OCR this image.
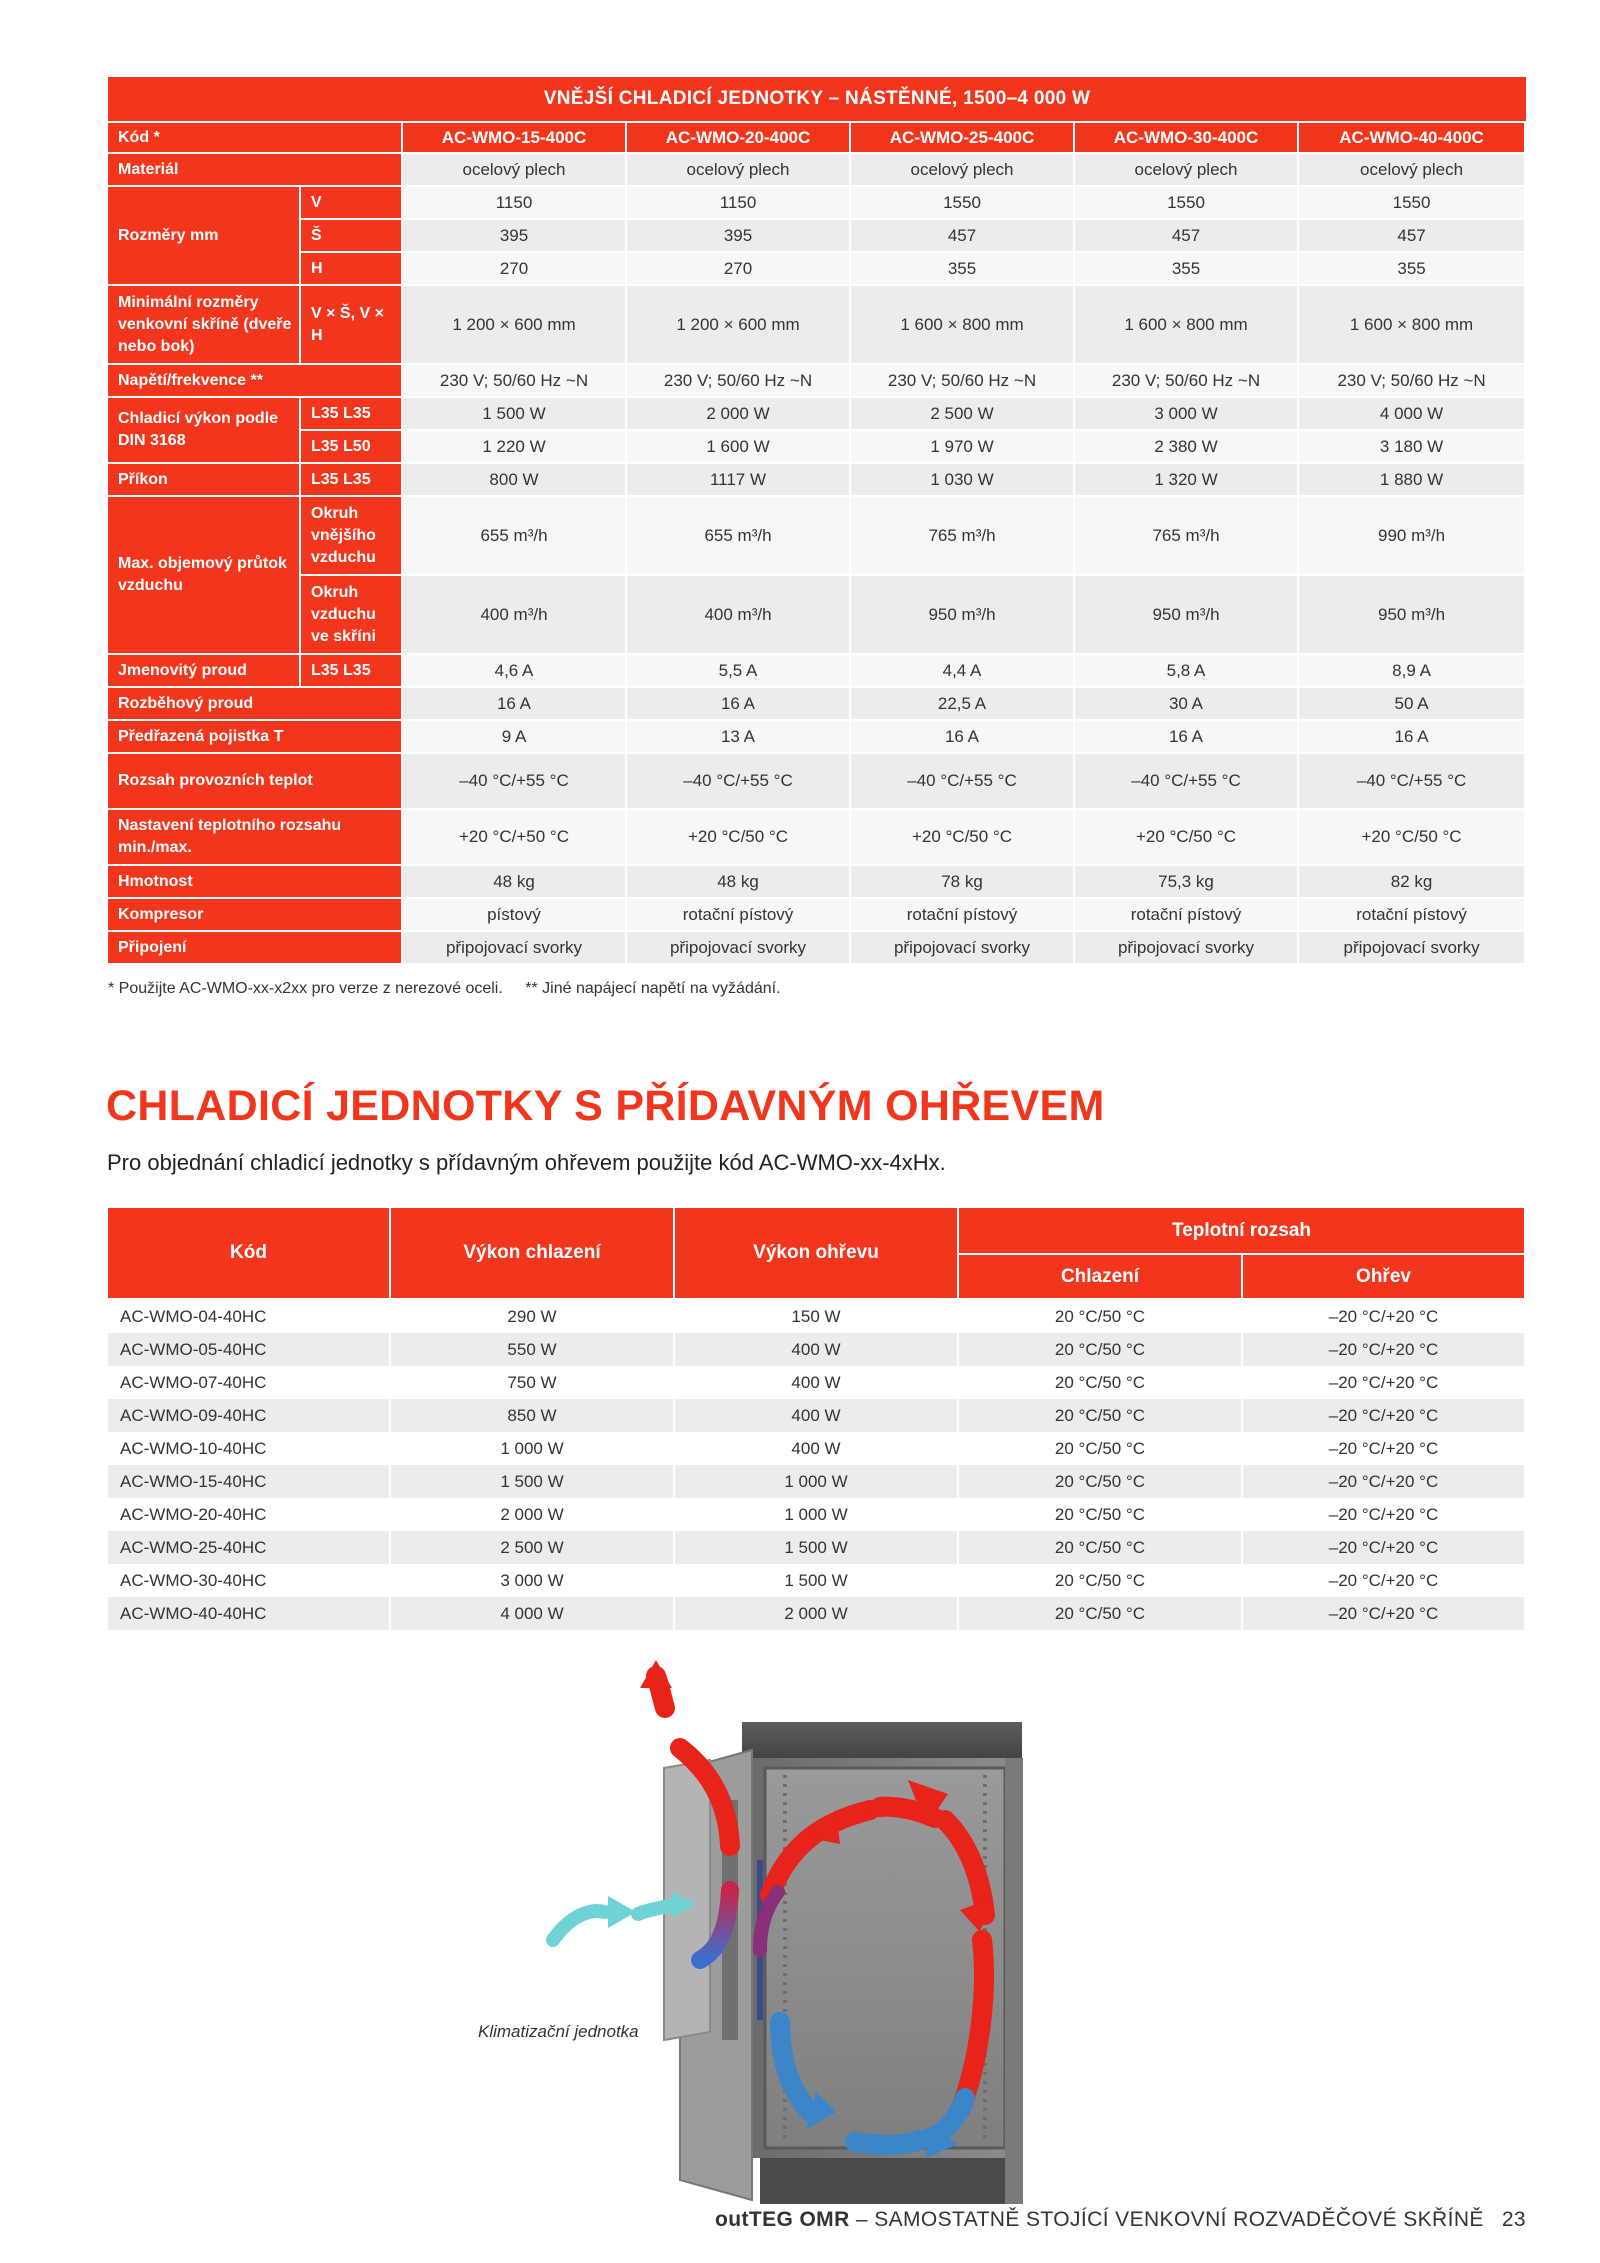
VNĚJŠÍ CHLADICÍ JEDNOTKY – NÁSTĚNNÉ, 1500–4 000 W						
Kód *		AC-WMO-15-400C	AC-WMO-20-400C	AC-WMO-25-400C	AC-WMO-30-400C	AC-WMO-40-400C
Materiál		ocelový plech	ocelový plech	ocelový plech	ocelový plech	ocelový plech
Rozměry mm	V	1150	1150	1550	1550	1550
	Š	395	395	457	457	457
	H	270	270	355	355	355
Minimální rozměry venkovní skříně (dveře nebo bok)	V × Š, V × H	1 200 × 600 mm	1 200 × 600 mm	1 600 × 800 mm	1 600 × 800 mm	1 600 × 800 mm
Napětí/frekvence **		230 V; 50/60 Hz ~N	230 V; 50/60 Hz ~N	230 V; 50/60 Hz ~N	230 V; 50/60 Hz ~N	230 V; 50/60 Hz ~N
Chladicí výkon podle DIN 3168	L35 L35	1 500 W	2 000 W	2 500 W	3 000 W	4 000 W
	L35 L50	1 220 W	1 600 W	1 970 W	2 380 W	3 180 W
Příkon	L35 L35	800 W	1117 W	1 030 W	1 320 W	1 880 W
Max. objemový průtok vzduchu	Okruh vnějšího vzduchu	655 m³/h	655 m³/h	765 m³/h	765 m³/h	990 m³/h
	Okruh vzduchu ve skříni	400 m³/h	400 m³/h	950 m³/h	950 m³/h	950 m³/h
Jmenovitý proud	L35 L35	4,6 A	5,5 A	4,4 A	5,8 A	8,9 A
Rozběhový proud		16 A	16 A	22,5 A	30 A	50 A
Předřazená pojistka T		9 A	13 A	16 A	16 A	16 A
Rozsah provozních teplot		–40 °C/+55 °C	–40 °C/+55 °C	–40 °C/+55 °C	–40 °C/+55 °C	–40 °C/+55 °C
Nastavení teplotního rozsahu min./max.		+20 °C/+50 °C	+20 °C/50 °C	+20 °C/50 °C	+20 °C/50 °C	+20 °C/50 °C
Hmotnost		48 kg	48 kg	78 kg	75,3 kg	82 kg
Kompresor		pístový	rotační pístový	rotační pístový	rotační pístový	rotační pístový
Připojení		připojovací svorky	připojovací svorky	připojovací svorky	připojovací svorky	připojovací svorky
* Použijte AC-WMO-xx-x2xx pro verze z nerezové oceli. ** Jiné napájecí napětí na vyžádání.
CHLADICÍ JEDNOTKY S PŘÍDAVNÝM OHŘEVEM
Pro objednání chladicí jednotky s přídavným ohřevem použijte kód AC-WMO-xx-4xHx.
Kód	Výkon chlazení	Výkon ohřevu	Teplotní rozsah	
			Chlazení	Ohřev
AC-WMO-04-40HC	290 W	150 W	20 °C/50 °C	–20 °C/+20 °C
AC-WMO-05-40HC	550 W	400 W	20 °C/50 °C	–20 °C/+20 °C
AC-WMO-07-40HC	750 W	400 W	20 °C/50 °C	–20 °C/+20 °C
AC-WMO-09-40HC	850 W	400 W	20 °C/50 °C	–20 °C/+20 °C
AC-WMO-10-40HC	1 000 W	400 W	20 °C/50 °C	–20 °C/+20 °C
AC-WMO-15-40HC	1 500 W	1 000 W	20 °C/50 °C	–20 °C/+20 °C
AC-WMO-20-40HC	2 000 W	1 000 W	20 °C/50 °C	–20 °C/+20 °C
AC-WMO-25-40HC	2 500 W	1 500 W	20 °C/50 °C	–20 °C/+20 °C
AC-WMO-30-40HC	3 000 W	1 500 W	20 °C/50 °C	–20 °C/+20 °C
AC-WMO-40-40HC	4 000 W	2 000 W	20 °C/50 °C	–20 °C/+20 °C
Klimatizační jednotka
outTEG OMR – SAMOSTATNĚ STOJÍCÍ VENKOVNÍ ROZVADĚČOVÉ SKŘÍNĚ 23
